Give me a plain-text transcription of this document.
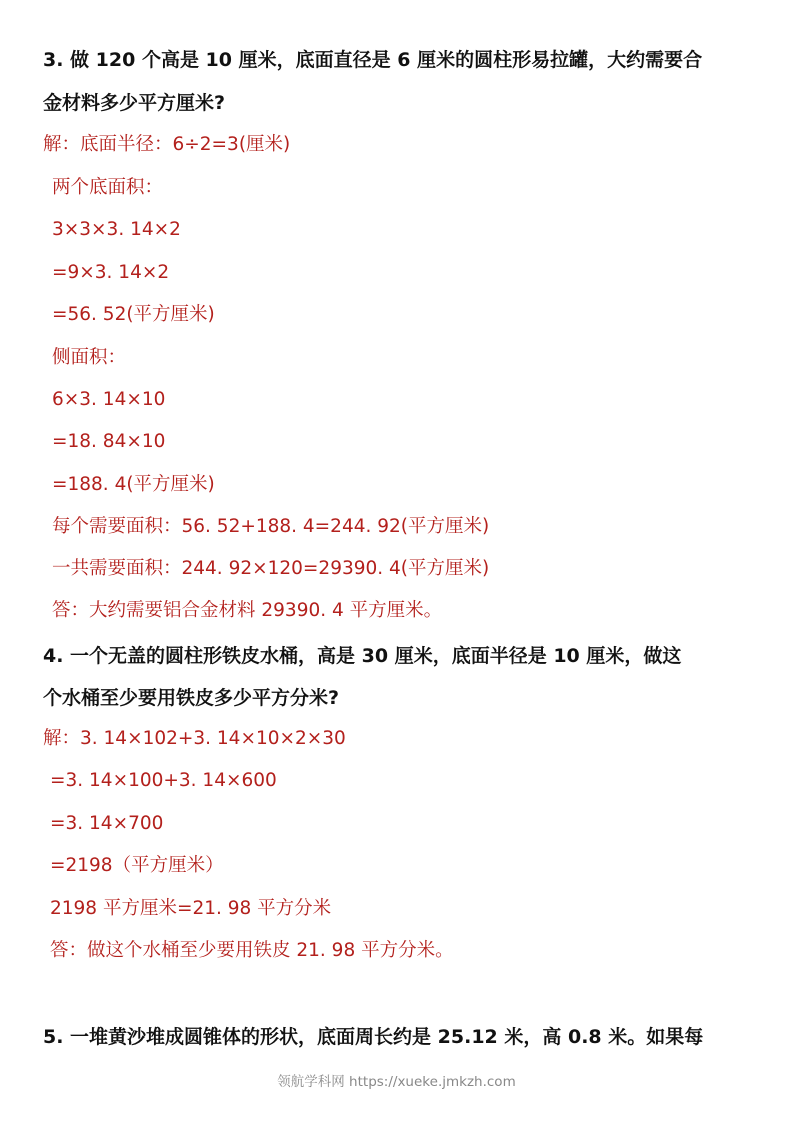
3. 做 120 个高是 10 厘米，底面直径是 6 厘米的圆柱形易拉罐，大约需要合
金材料多少平方厘米?
解：底面半径：6÷2=3(厘米)
两个底面积：
3×3×3. 14×2
=9×3. 14×2
=56. 52(平方厘米)
侧面积：
6×3. 14×10
=18. 84×10
=188. 4(平方厘米)
每个需要面积：56. 52+188. 4=244. 92(平方厘米)
一共需要面积：244. 92×120=29390. 4(平方厘米)
答：大约需要铝合金材料 29390. 4 平方厘米。
4. 一个无盖的圆柱形铁皮水桶，高是 30 厘米，底面半径是 10 厘米，做这
个水桶至少要用铁皮多少平方分米?
解：3. 14×102+3. 14×10×2×30
=3. 14×100+3. 14×600
=3. 14×700
=2198（平方厘米）
2198 平方厘米=21. 98 平方分米
答：做这个水桶至少要用铁皮 21. 98 平方分米。
5. 一堆黄沙堆成圆锥体的形状，底面周长约是 25.12 米，高 0.8 米。如果每
领航学科网 https://xueke.jmkzh.com
